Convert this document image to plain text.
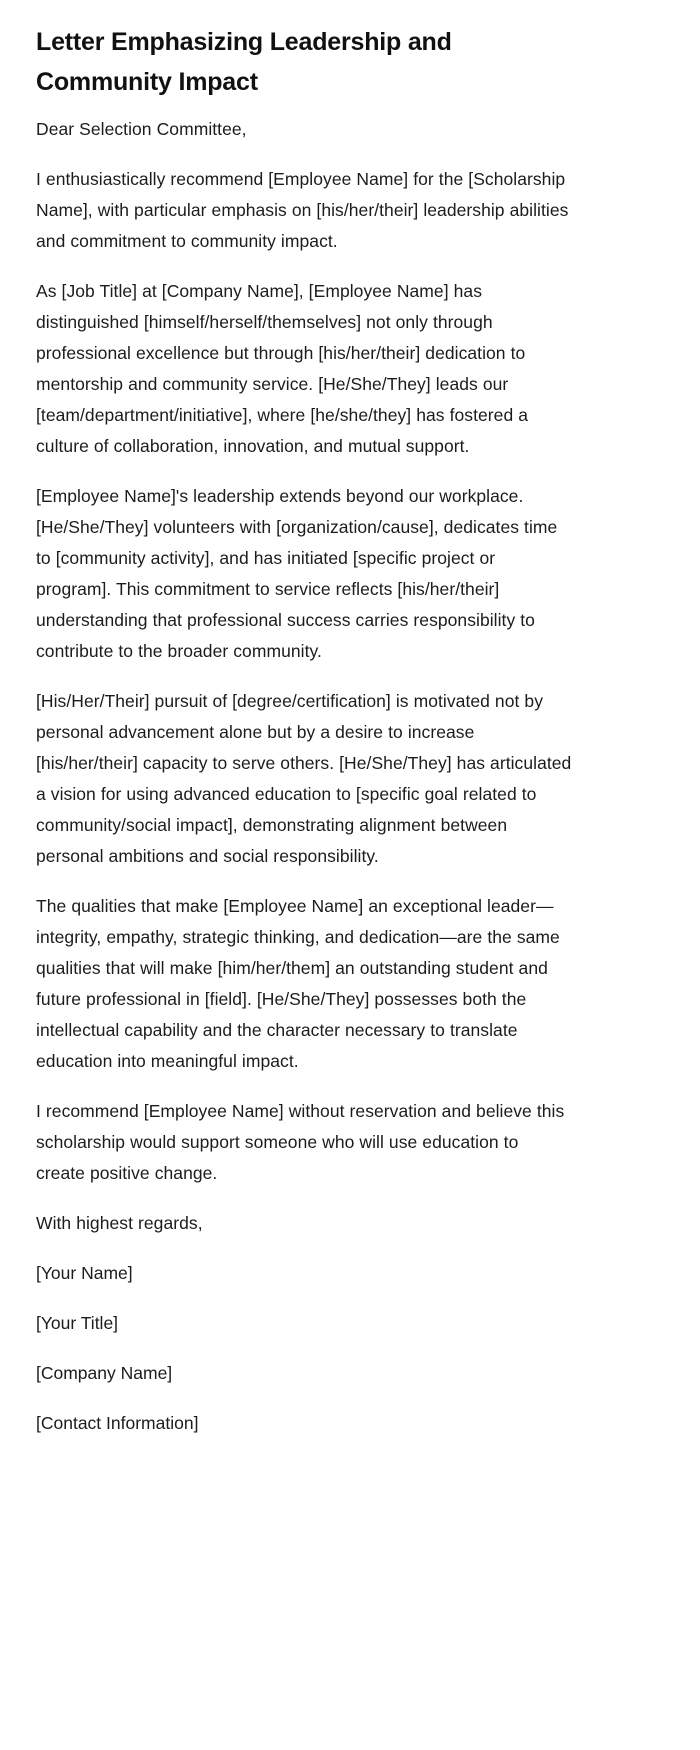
Letter Emphasizing Leadership and Community Impact

Dear Selection Committee,

I enthusiastically recommend [Employee Name] for the [Scholarship Name], with particular emphasis on [his/her/their] leadership abilities and commitment to community impact.

As [Job Title] at [Company Name], [Employee Name] has distinguished [himself/herself/themselves] not only through professional excellence but through [his/her/their] dedication to mentorship and community service. [He/She/They] leads our [team/department/initiative], where [he/she/they] has fostered a culture of collaboration, innovation, and mutual support.

[Employee Name]'s leadership extends beyond our workplace. [He/She/They] volunteers with [organization/cause], dedicates time to [community activity], and has initiated [specific project or program]. This commitment to service reflects [his/her/their] understanding that professional success carries responsibility to contribute to the broader community.

[His/Her/Their] pursuit of [degree/certification] is motivated not by personal advancement alone but by a desire to increase [his/her/their] capacity to serve others. [He/She/They] has articulated a vision for using advanced education to [specific goal related to community/social impact], demonstrating alignment between personal ambitions and social responsibility.

The qualities that make [Employee Name] an exceptional leader—integrity, empathy, strategic thinking, and dedication—are the same qualities that will make [him/her/them] an outstanding student and future professional in [field]. [He/She/They] possesses both the intellectual capability and the character necessary to translate education into meaningful impact.

I recommend [Employee Name] without reservation and believe this scholarship would support someone who will use education to create positive change.

With highest regards,

[Your Name]

[Your Title]

[Company Name]

[Contact Information]
